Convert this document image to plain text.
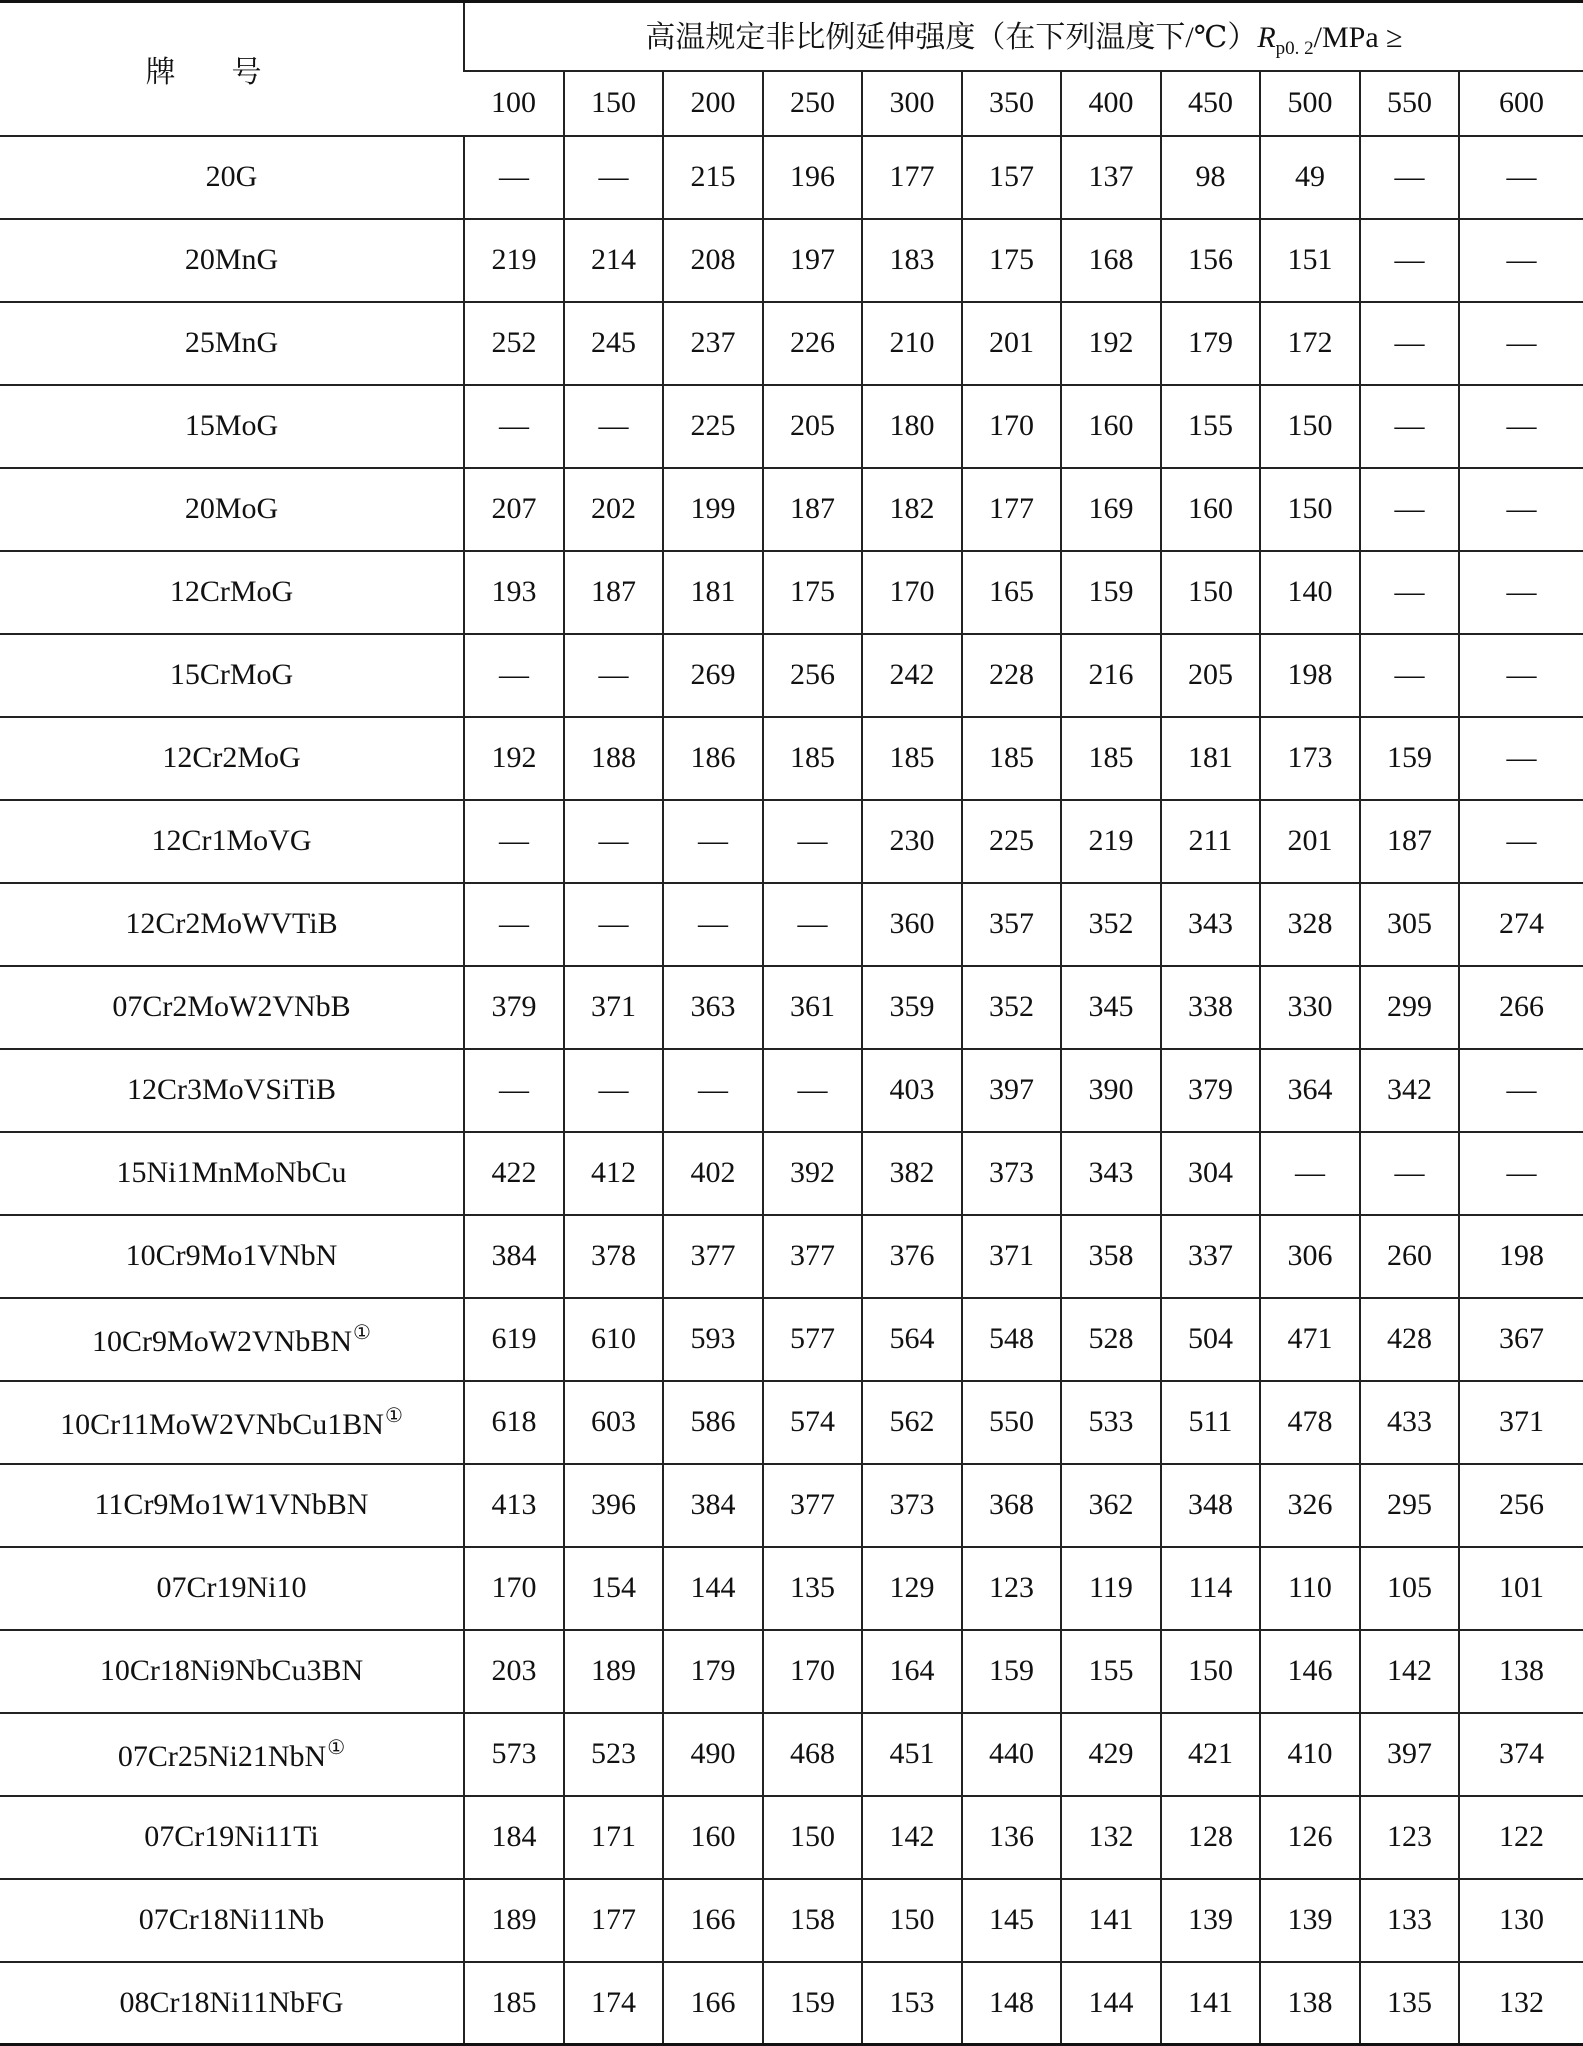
牌号	高温规定非比例延伸强度（在下列温度下$/℃)R_{p0. 2}$/MPa ≥										
	100	150	200	250	300	350	400	450	500	550	600
20G	—	—	215	196	177	157	137	98	49	—	—
20MnG	219	214	208	197	183	175	168	156	151	—	—
25MnG	252	245	237	226	210	201	192	179	172	—	—
15MoG	—	—	225	205	180	170	160	155	150	—	—
20MoG	207	202	199	187	182	177	169	160	150	—	—
12CrMoG	193	187	181	175	170	165	159	150	140	—	—
15CrMoG	—	—	269	256	242	228	216	205	198	—	—
12Cr2MoG	192	188	186	185	185	185	185	181	173	159	—
12Cr1MoVG	—	—	—	—	230	225	219	211	201	187	—
12Cr2MoWVTiB	—	—	—	—	360	357	352	343	328	305	274
07Cr2MoW2VNbB	379	371	363	361	359	352	345	338	330	299	266
12Cr3MoVSiTiB	—	—	—	—	403	397	390	379	364	342	—
15Ni1MnMoNbCu	422	412	402	392	382	373	343	304	—	—	—
10Cr9Mo1VNbN	384	378	377	377	376	371	358	337	306	260	198
10Cr9MoW2VNbBN①	619	610	593	577	564	548	528	504	471	428	367
10Cr11MoW2VNbCu1BN①	618	603	586	574	562	550	533	511	478	433	371
11Cr9Mo1W1VNbBN	413	396	384	377	373	368	362	348	326	295	256
07Cr19Ni10	170	154	144	135	129	123	119	114	110	105	101
10Cr18Ni9NbCu3BN	203	189	179	170	164	159	155	150	146	142	138
07Cr25Ni21NbN①	573	523	490	468	451	440	429	421	410	397	374
07Cr19Ni11Ti	184	171	160	150	142	136	132	128	126	123	122
07Cr18Ni11Nb	189	177	166	158	150	145	141	139	139	133	130
08Cr18Ni11NbFG	185	174	166	159	153	148	144	141	138	135	132
